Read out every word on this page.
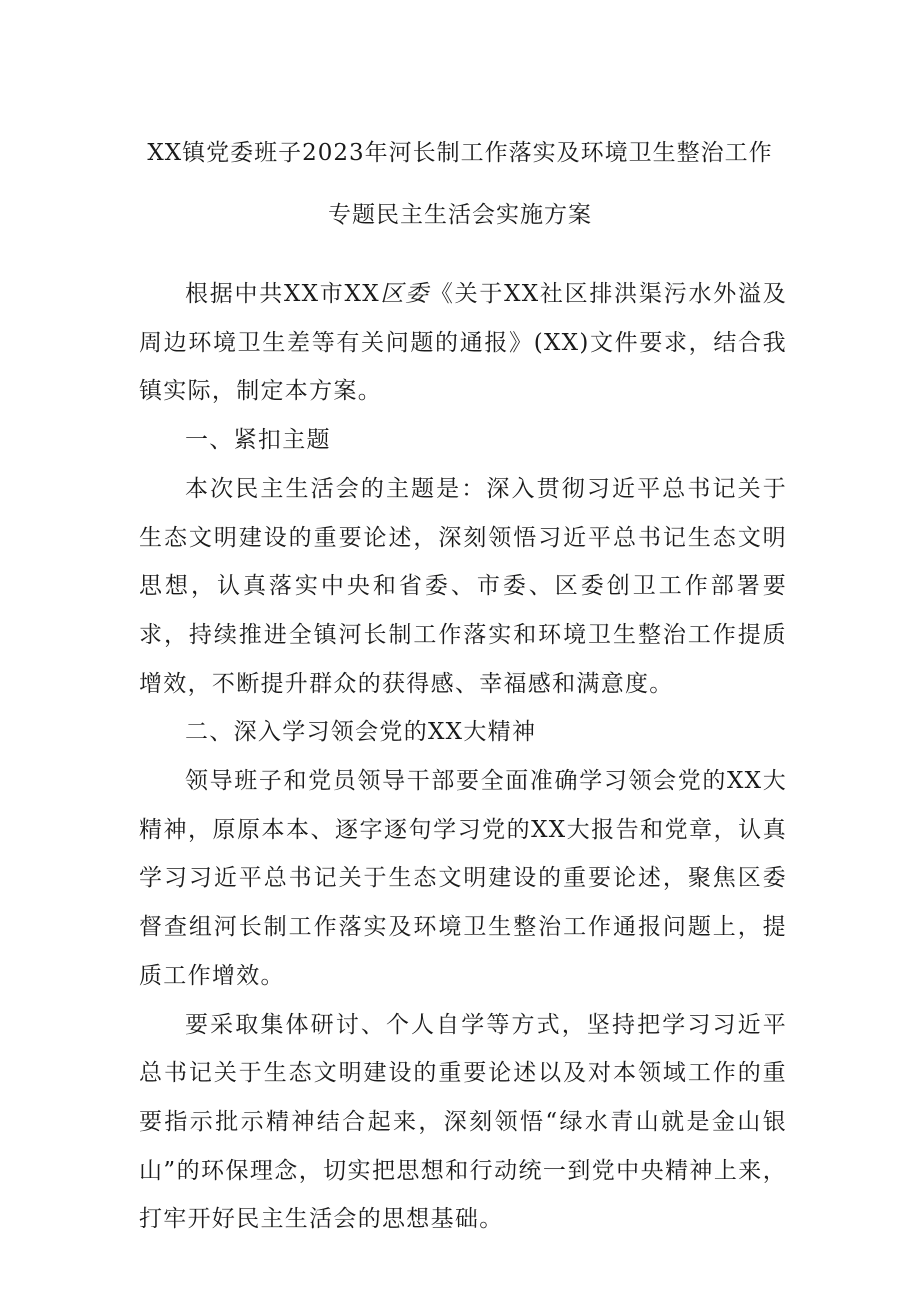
XX镇党委班子2023年河长制工作落实及环境卫生整治工作
专题民主生活会实施方案

根据中共XX市XX区委《关于XX社区排洪渠污水外溢及周边环境卫生差等有关问题的通报》(XX)文件要求，结合我镇实际，制定本方案。

一、紧扣主题

本次民主生活会的主题是：深入贯彻习近平总书记关于生态文明建设的重要论述，深刻领悟习近平总书记生态文明思想，认真落实中央和省委、市委、区委创卫工作部署要求，持续推进全镇河长制工作落实和环境卫生整治工作提质增效，不断提升群众的获得感、幸福感和满意度。

二、深入学习领会党的XX大精神

领导班子和党员领导干部要全面准确学习领会党的XX大精神，原原本本、逐字逐句学习党的XX大报告和党章，认真学习习近平总书记关于生态文明建设的重要论述，聚焦区委督查组河长制工作落实及环境卫生整治工作通报问题上，提质工作增效。

要采取集体研讨、个人自学等方式，坚持把学习习近平总书记关于生态文明建设的重要论述以及对本领域工作的重要指示批示精神结合起来，深刻领悟“绿水青山就是金山银山”的环保理念，切实把思想和行动统一到党中央精神上来，打牢开好民主生活会的思想基础。
